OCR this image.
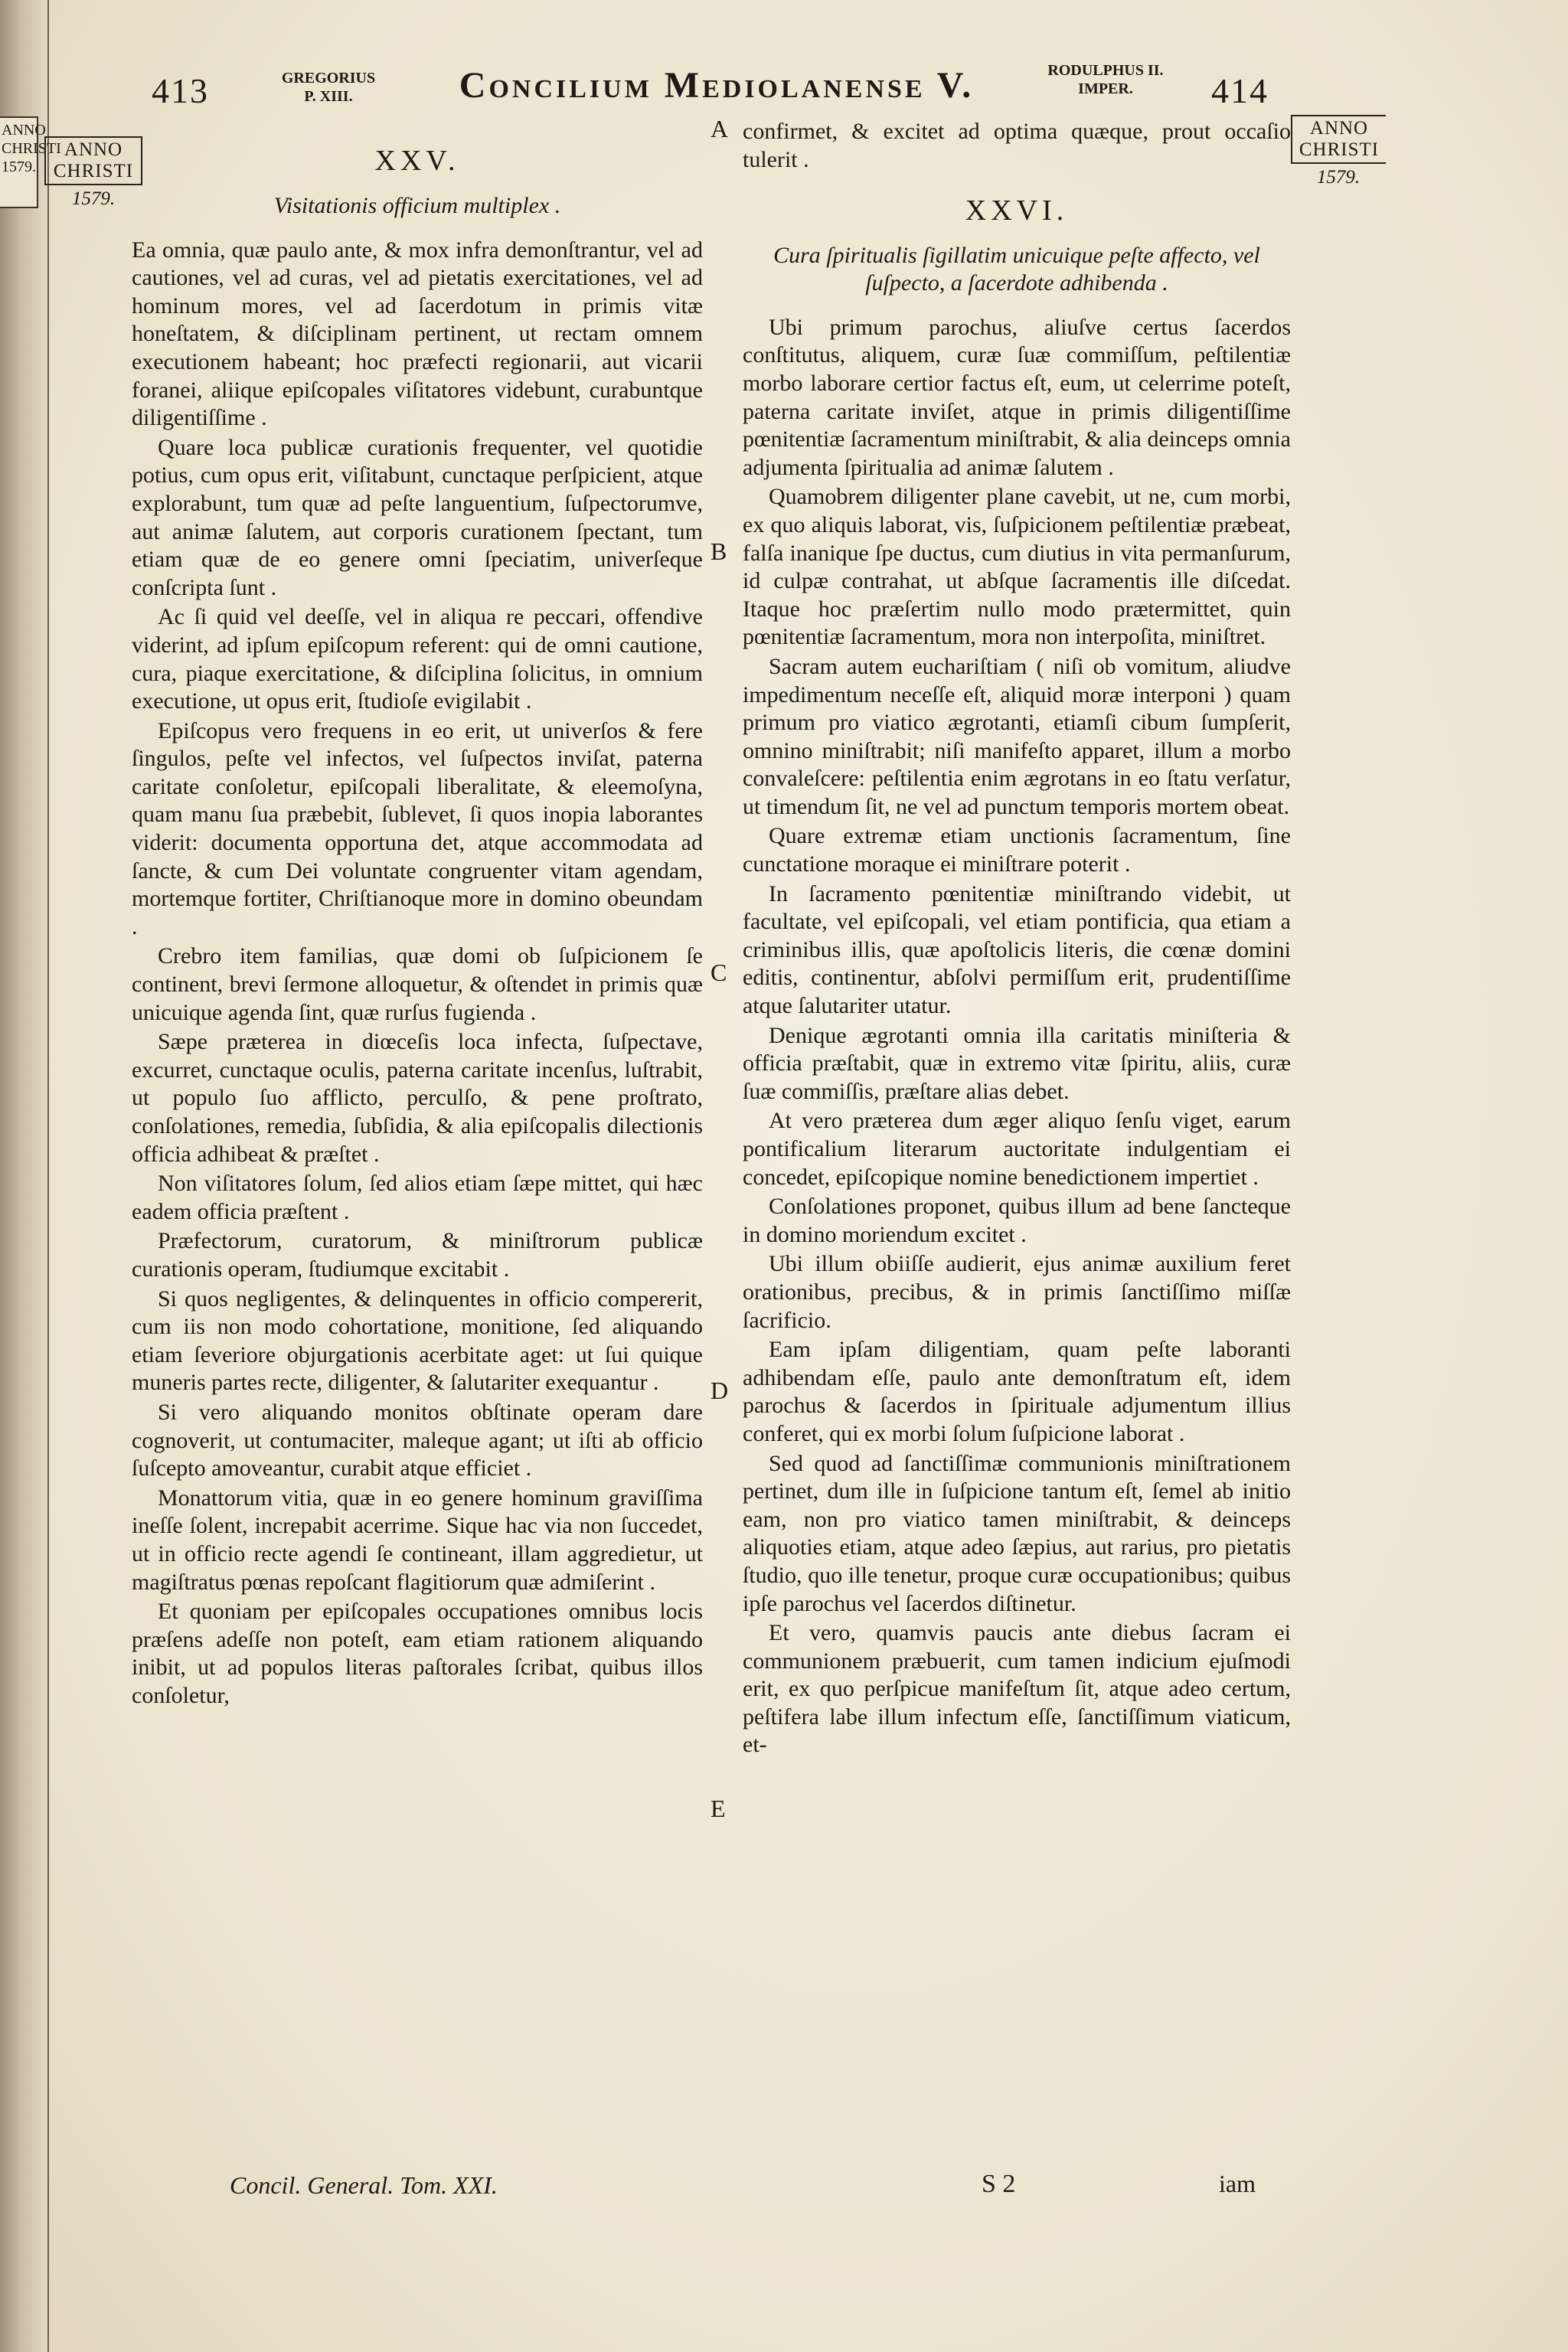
ANNO
CHRISTI
1579.
413	GREGORIUS
P. XIII.	Concilium Mediolanense V.	RODULPHUS II.
IMPER.	414
ANNO
CHRISTI
1579.
ANNO
CHRISTI
1579.
A
B
C
D
E
XXV.
Visitationis officium multiplex .

Ea omnia, quæ paulo ante, & mox infra demonſtrantur, vel ad cautiones, vel ad curas, vel ad pietatis exercitationes, vel ad hominum mores, vel ad ſacerdotum in primis vitæ honeſtatem, & diſciplinam pertinent, ut rectam omnem executionem habeant; hoc præfecti regionarii, aut vicarii foranei, aliique epiſcopales viſitatores videbunt, curabuntque diligentiſſime .

Quare loca publicæ curationis frequenter, vel quotidie potius, cum opus erit, viſitabunt, cunctaque perſpicient, atque explorabunt, tum quæ ad peſte languentium, ſuſpectorumve, aut animæ ſalutem, aut corporis curationem ſpectant, tum etiam quæ de eo genere omni ſpeciatim, univerſeque conſcripta ſunt .

Ac ſi quid vel deeſſe, vel in aliqua re peccari, offendive viderint, ad ipſum epiſcopum referent: qui de omni cautione, cura, piaque exercitatione, & diſciplina ſolicitus, in omnium executione, ut opus erit, ſtudioſe evigilabit .

Epiſcopus vero frequens in eo erit, ut univerſos & fere ſingulos, peſte vel infectos, vel ſuſpectos inviſat, paterna caritate conſoletur, epiſcopali liberalitate, & eleemoſyna, quam manu ſua præbebit, ſublevet, ſi quos inopia laborantes viderit: documenta opportuna det, atque accommodata ad ſancte, & cum Dei voluntate congruenter vitam agendam, mortemque fortiter, Chriſtianoque more in domino obeundam .

Crebro item familias, quæ domi ob ſuſpicionem ſe continent, brevi ſermone alloquetur, & oſtendet in primis quæ unicuique agenda ſint, quæ rurſus fugienda .

Sæpe præterea in diœceſis loca infecta, ſuſpectave, excurret, cunctaque oculis, paterna caritate incenſus, luſtrabit, ut populo ſuo afflicto, perculſo, & pene proſtrato, conſolationes, remedia, ſubſidia, & alia epiſcopalis dilectionis officia adhibeat & præſtet .

Non viſitatores ſolum, ſed alios etiam ſæpe mittet, qui hæc eadem officia præſtent .

Præfectorum, curatorum, & miniſtrorum publicæ curationis operam, ſtudiumque excitabit .

Si quos negligentes, & delinquentes in officio compererit, cum iis non modo cohortatione, monitione, ſed aliquando etiam ſeveriore objurgationis acerbitate aget: ut ſui quique muneris partes recte, diligenter, & ſalutariter exequantur .

Si vero aliquando monitos obſtinate operam dare cognoverit, ut contumaciter, maleque agant; ut iſti ab officio ſuſcepto amoveantur, curabit atque efficiet .

Monattorum vitia, quæ in eo genere hominum graviſſima ineſſe ſolent, increpabit acerrime. Sique hac via non ſuccedet, ut in officio recte agendi ſe contineant, illam aggredietur, ut magiſtratus pœnas repoſcant flagitiorum quæ admiſerint .

Et quoniam per epiſcopales occupationes omnibus locis præſens adeſſe non poteſt, eam etiam rationem aliquando inibit, ut ad populos literas paſtorales ſcribat, quibus illos conſoletur,

confirmet, & excitet ad optima quæque, prout occaſio tulerit .

XXVI.
Cura ſpiritualis ſigillatim unicuique peſte affecto, vel ſuſpecto, a ſacerdote adhibenda .

Ubi primum parochus, aliuſve certus ſacerdos conſtitutus, aliquem, curæ ſuæ commiſſum, peſtilentiæ morbo laborare certior factus eſt, eum, ut celerrime poteſt, paterna caritate inviſet, atque in primis diligentiſſime pœnitentiæ ſacramentum miniſtrabit, & alia deinceps omnia adjumenta ſpiritualia ad animæ ſalutem .

Quamobrem diligenter plane cavebit, ut ne, cum morbi, ex quo aliquis laborat, vis, ſuſpicionem peſtilentiæ præbeat, falſa inanique ſpe ductus, cum diutius in vita permanſurum, id culpæ contrahat, ut abſque ſacramentis ille diſcedat. Itaque hoc præſertim nullo modo prætermittet, quin pœnitentiæ ſacramentum, mora non interpoſita, miniſtret.

Sacram autem euchariſtiam ( niſi ob vomitum, aliudve impedimentum neceſſe eſt, aliquid moræ interponi ) quam primum pro viatico ægrotanti, etiamſi cibum ſumpſerit, omnino miniſtrabit; niſi manifeſto apparet, illum a morbo convaleſcere: peſtilentia enim ægrotans in eo ſtatu verſatur, ut timendum ſit, ne vel ad punctum temporis mortem obeat.

Quare extremæ etiam unctionis ſacramentum, ſine cunctatione moraque ei miniſtrare poterit .

In ſacramento pœnitentiæ miniſtrando videbit, ut facultate, vel epiſcopali, vel etiam pontificia, qua etiam a criminibus illis, quæ apoſtolicis literis, die cœnæ domini editis, continentur, abſolvi permiſſum erit, prudentiſſime atque ſalutariter utatur.

Denique ægrotanti omnia illa caritatis miniſteria & officia præſtabit, quæ in extremo vitæ ſpiritu, aliis, curæ ſuæ commiſſis, præſtare alias debet.

At vero præterea dum æger aliquo ſenſu viget, earum pontificalium literarum auctoritate indulgentiam ei concedet, epiſcopique nomine benedictionem impertiet .

Conſolationes proponet, quibus illum ad bene ſancteque in domino moriendum excitet .

Ubi illum obiiſſe audierit, ejus animæ auxilium feret orationibus, precibus, & in primis ſanctiſſimo miſſæ ſacrificio.

Eam ipſam diligentiam, quam peſte laboranti adhibendam eſſe, paulo ante demonſtratum eſt, idem parochus & ſacerdos in ſpirituale adjumentum illius conferet, qui ex morbi ſolum ſuſpicione laborat .

Sed quod ad ſanctiſſimæ communionis miniſtrationem pertinet, dum ille in ſuſpicione tantum eſt, ſemel ab initio eam, non pro viatico tamen miniſtrabit, & deinceps aliquoties etiam, atque adeo ſæpius, aut rarius, pro pietatis ſtudio, quo ille tenetur, proque curæ occupationibus; quibus ipſe parochus vel ſacerdos diſtinetur.

Et vero, quamvis paucis ante diebus ſacram ei communionem præbuerit, cum tamen indicium ejuſmodi erit, ex quo perſpicue manifeſtum ſit, atque adeo certum, peſtifera labe illum infectum eſſe, ſanctiſſimum viaticum, et-

Concil. General. Tom. XXI.	S 2	iam
